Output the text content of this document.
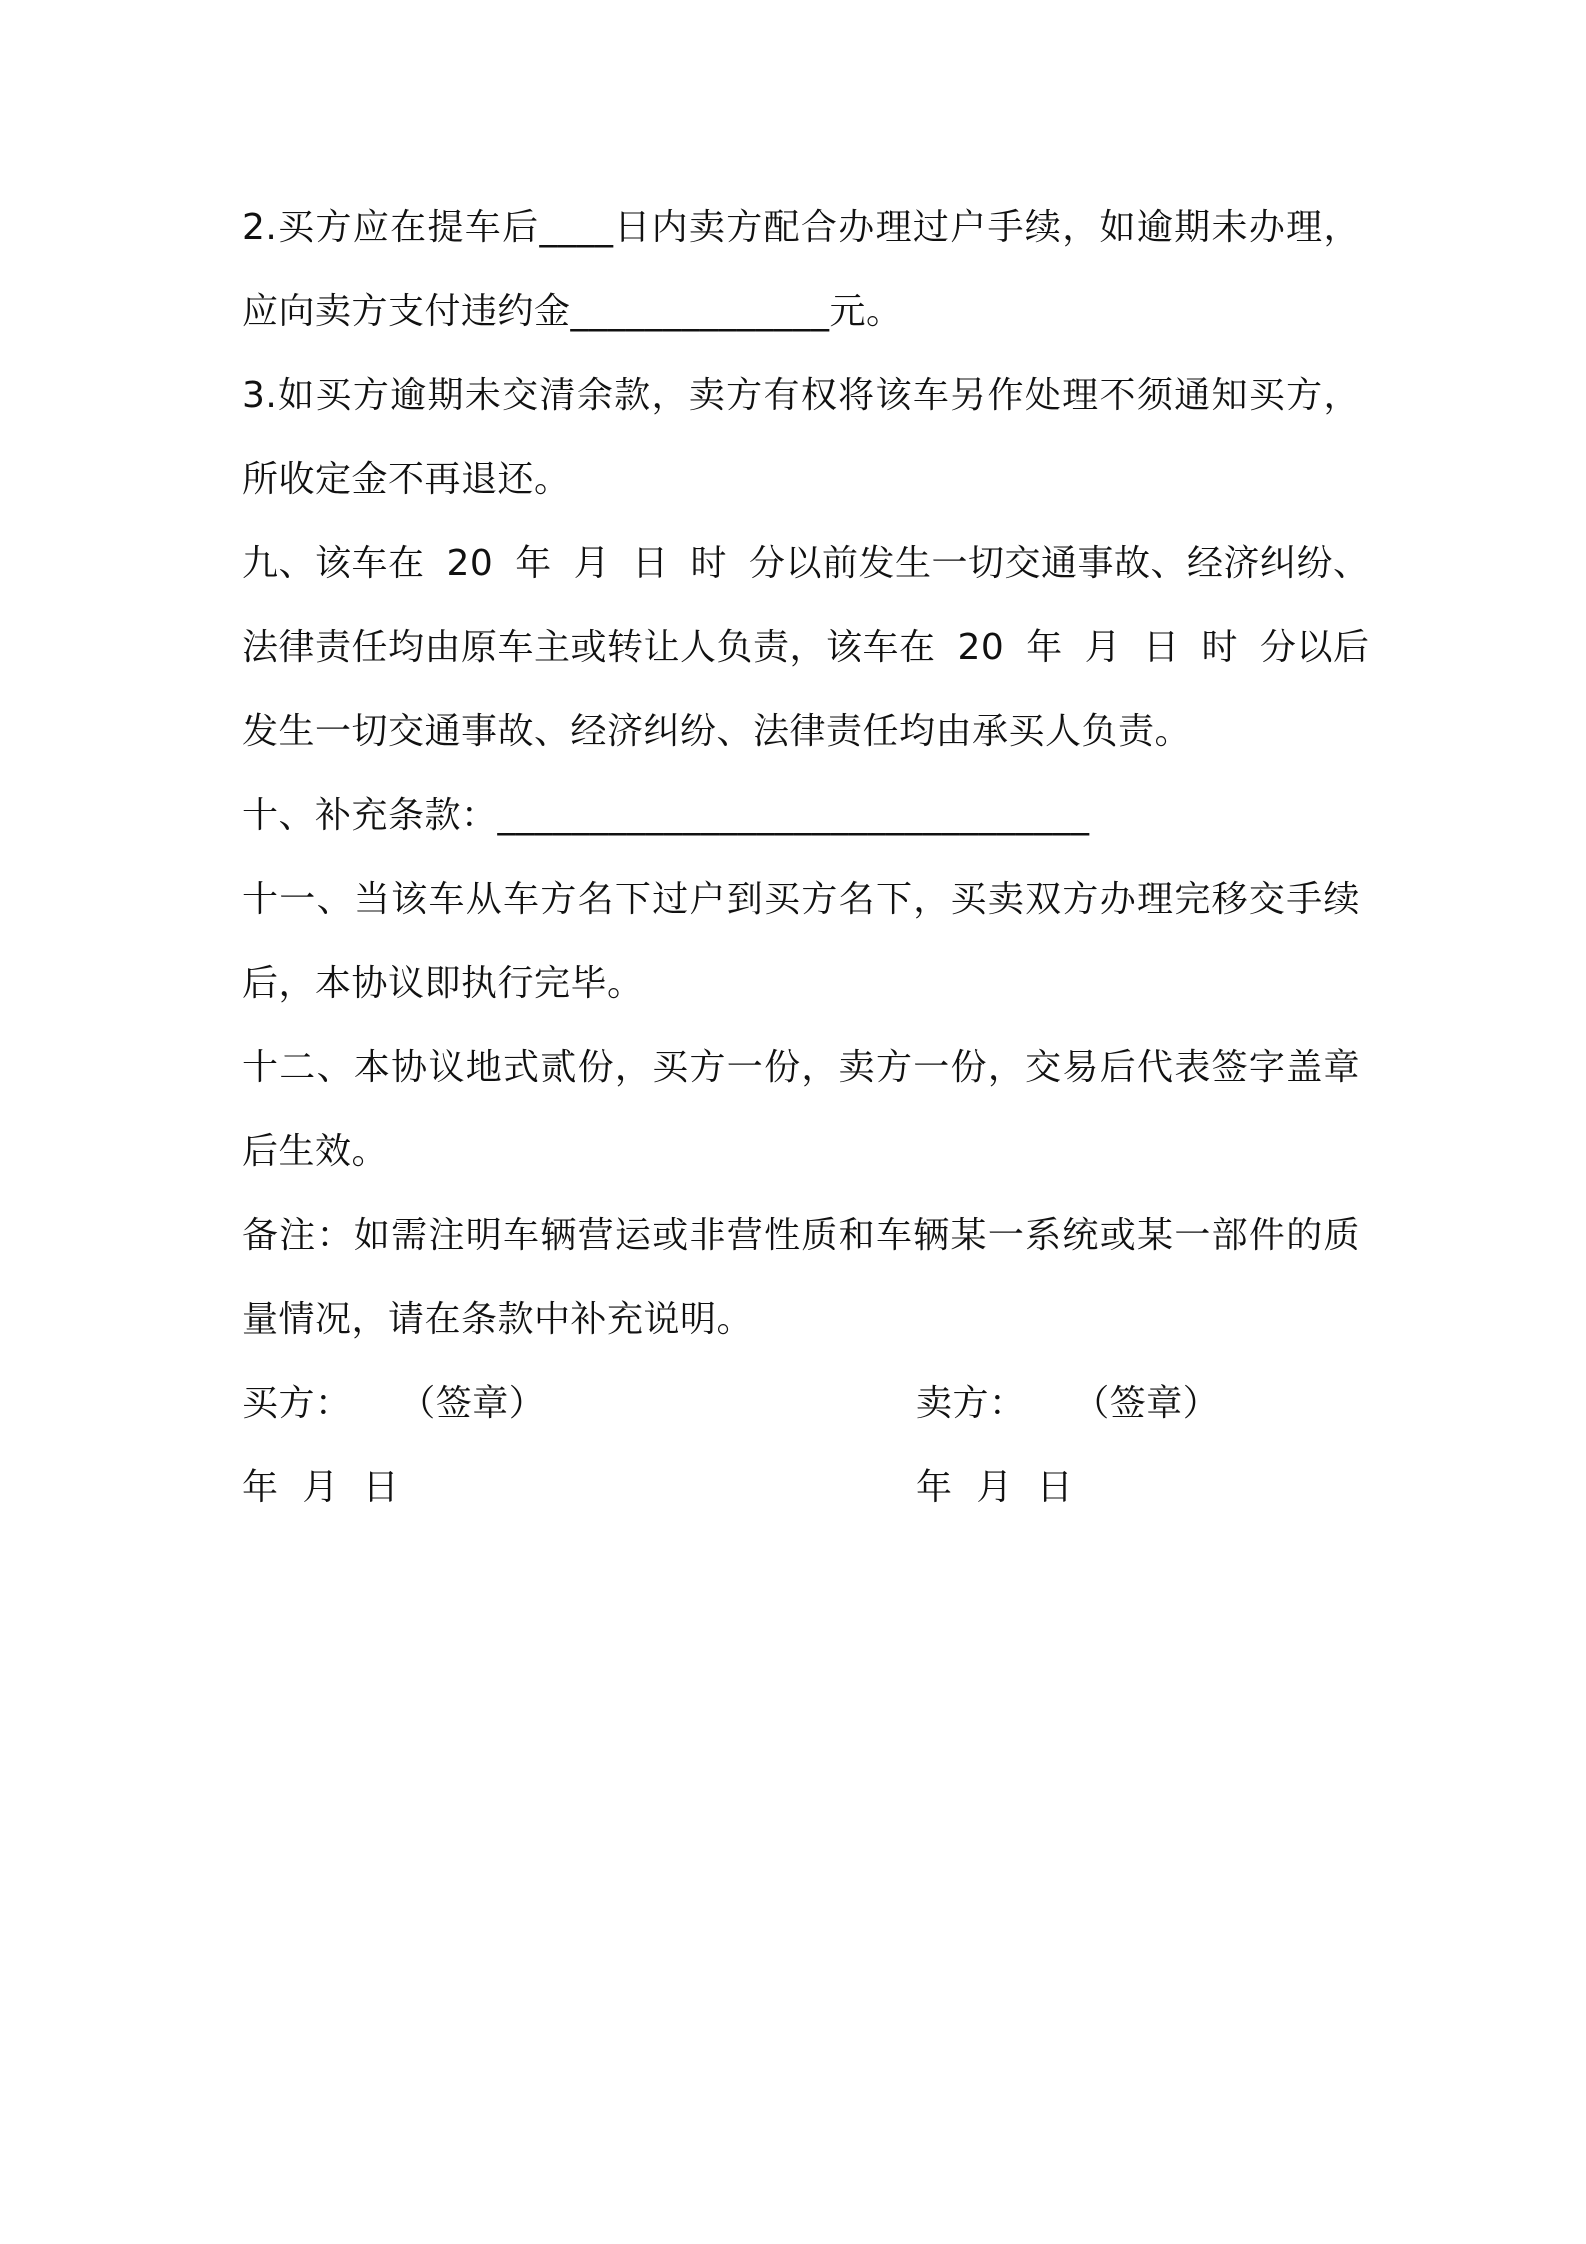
2.买方应在提车后____日内卖方配合办理过户手续，如逾期未办理，
应向卖方支付违约金______________元。
3.如买方逾期未交清余款，卖方有权将该车另作处理不须通知买方，
所收定金不再退还。
九、该车在 20 年 月 日 时 分以前发生一切交通事故、经济纠纷、
法律责任均由原车主或转让人负责，该车在 20 年 月 日 时 分以后
发生一切交通事故、经济纠纷、法律责任均由承买人负责。
十、补充条款：________________________________
十一、当该车从车方名下过户到买方名下，买卖双方办理完移交手续
后，本协议即执行完毕。
十二、本协议地式贰份，买方一份，卖方一份，交易后代表签字盖章
后生效。
备注：如需注明车辆营运或非营性质和车辆某一系统或某一部件的质
量情况，请在条款中补充说明。
买方：    （签章）	卖方：    （签章）
年  月  日	年  月  日
